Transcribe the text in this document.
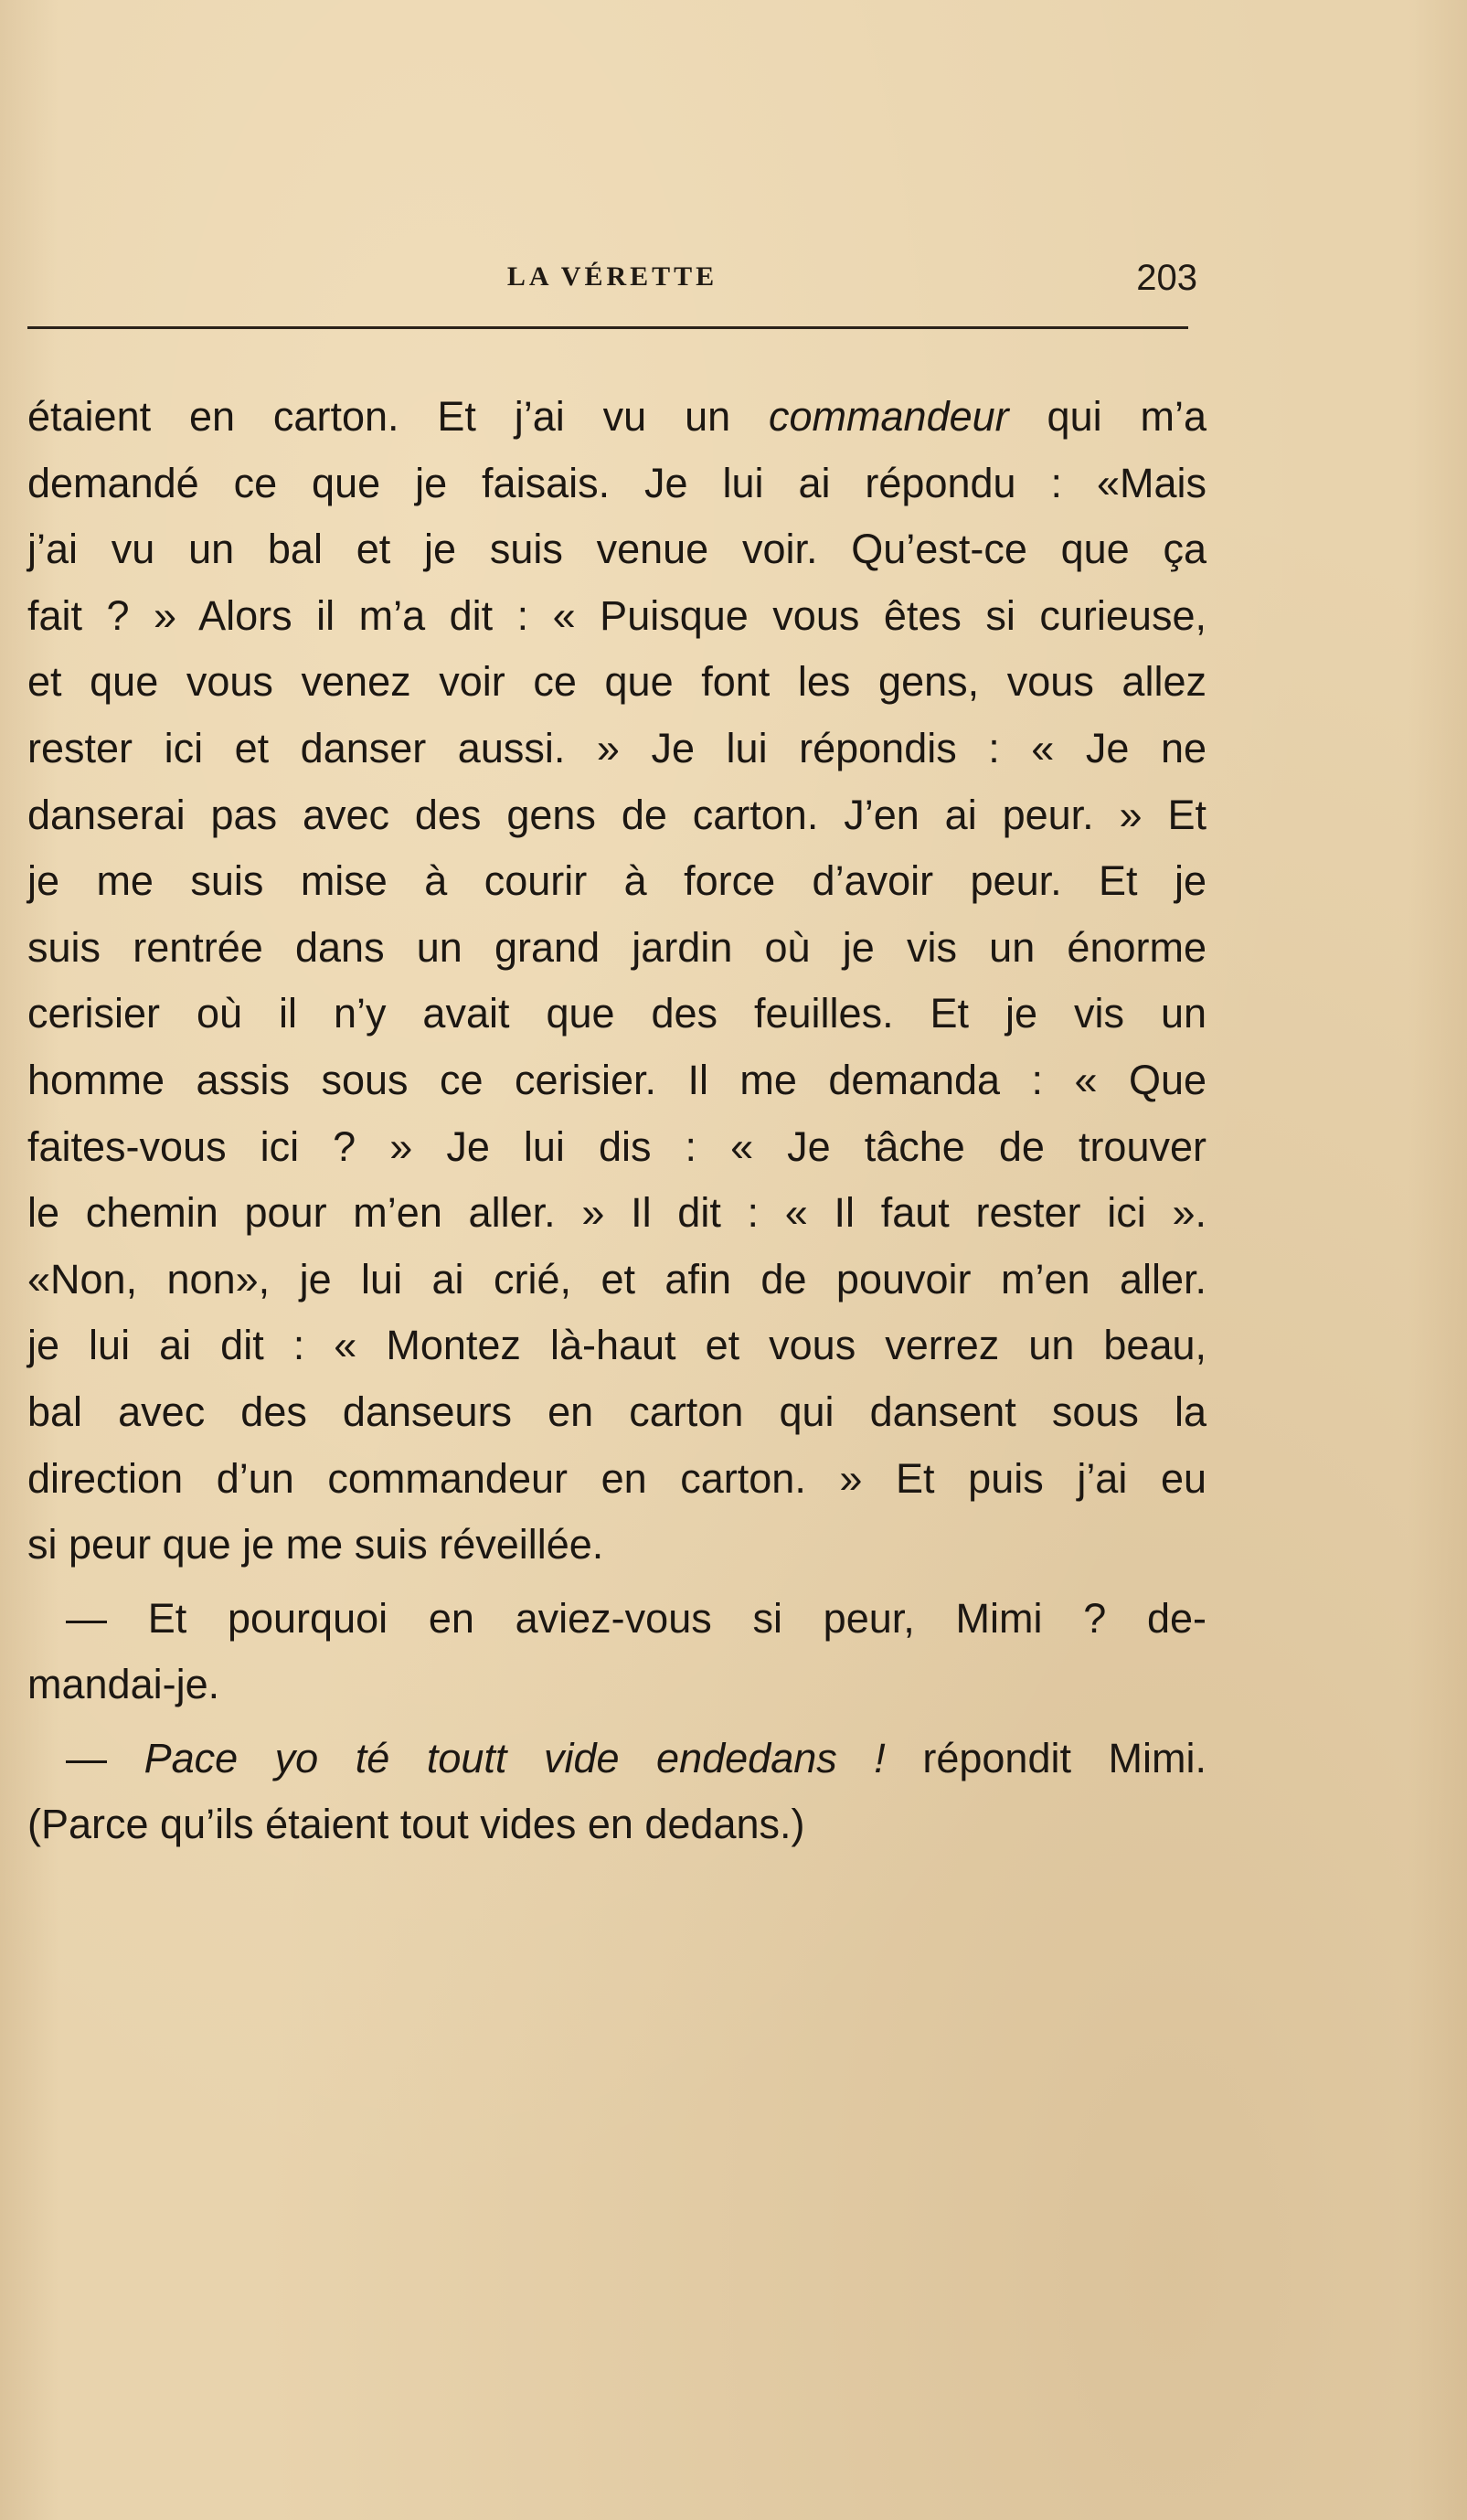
LA VÉRETTE	203
étaient en carton. Et j’ai vu un commandeur qui m’a
demandé ce que je faisais. Je lui ai répondu : «Mais
j’ai vu un bal et je suis venue voir. Qu’est-ce que ça
fait ? » Alors il m’a dit : « Puisque vous êtes si curieuse,
et que vous venez voir ce que font les gens, vous allez
rester ici et danser aussi. » Je lui répondis : « Je ne
danserai pas avec des gens de carton. J’en ai peur. » Et
je me suis mise à courir à force d’avoir peur. Et je
suis rentrée dans un grand jardin où je vis un énorme
cerisier où il n’y avait que des feuilles. Et je vis un
homme assis sous ce cerisier. Il me demanda : « Que
faites-vous ici ? » Je lui dis : « Je tâche de trouver
le chemin pour m’en aller. » Il dit : « Il faut rester ici ».
«Non, non», je lui ai crié, et afin de pouvoir m’en aller.
je lui ai dit : « Montez là-haut et vous verrez un beau,
bal avec des danseurs en carton qui dansent sous la
direction d’un commandeur en carton. » Et puis j’ai eu
si peur que je me suis réveillée.
— Et pourquoi en aviez-vous si peur, Mimi ? de-
mandai-je.
— Pace yo té toutt vide endedans ! répondit Mimi.
(Parce qu’ils étaient tout vides en dedans.)
